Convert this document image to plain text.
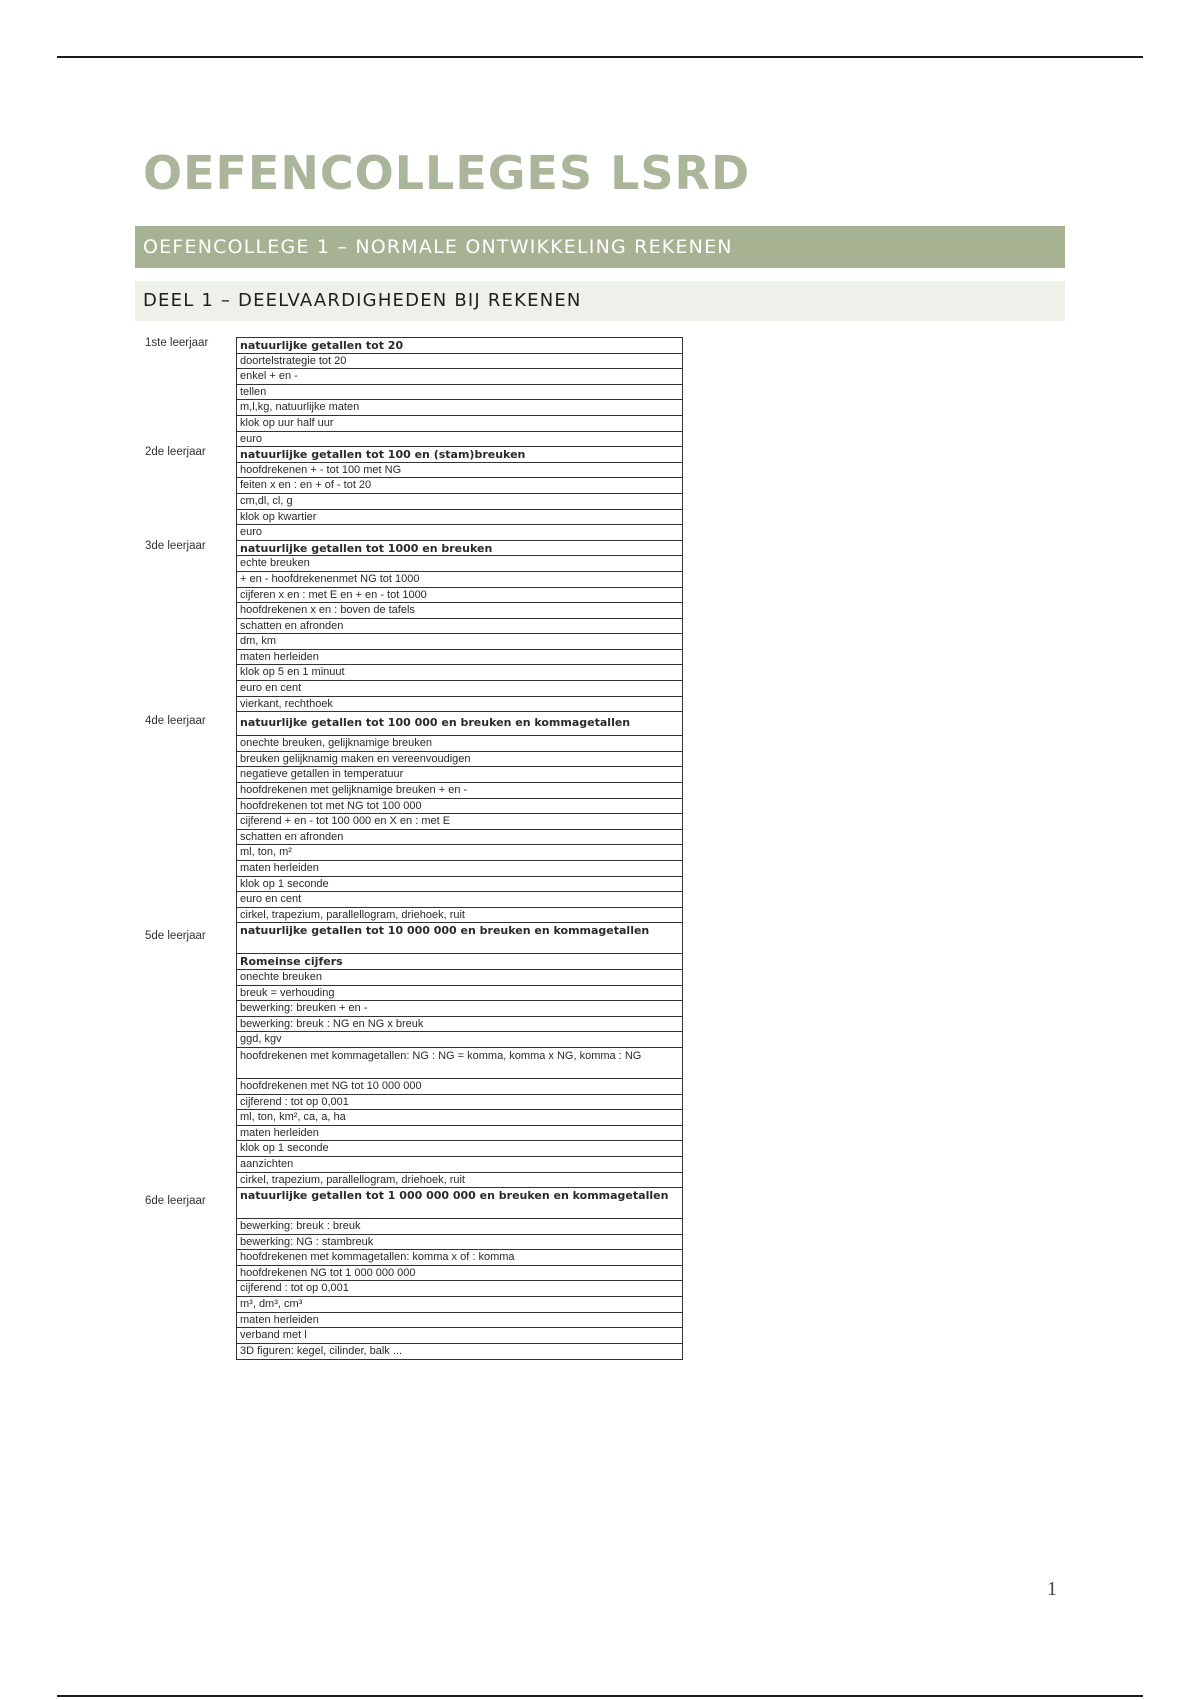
OEFENCOLLEGES LSRD
OEFENCOLLEGE 1 – NORMALE ONTWIKKELING REKENEN
DEEL 1 – DEELVAARDIGHEDEN BIJ REKENEN
1ste leerjaar
2de leerjaar
3de leerjaar
4de leerjaar
5de leerjaar
6de leerjaar
natuurlijke getallen tot 20
doortelstrategie tot 20
enkel + en -
tellen
m,l,kg, natuurlijke maten
klok op uur half uur
euro
natuurlijke getallen tot 100 en (stam)breuken
hoofdrekenen + - tot 100 met NG
feiten x en : en + of - tot 20
cm,dl, cl, g
klok op kwartier
euro
natuurlijke getallen tot 1000 en breuken
echte breuken
+ en - hoofdrekenenmet NG tot 1000
cijferen x en : met E en + en - tot 1000
hoofdrekenen x en : boven de tafels
schatten en afronden
dm, km
maten herleiden
klok op 5 en 1 minuut
euro en cent
vierkant, rechthoek
natuurlijke getallen tot 100 000 en breuken en kommagetallen
onechte breuken, gelijknamige breuken
breuken gelijknamig maken en vereenvoudigen
negatieve getallen in temperatuur
hoofdrekenen met gelijknamige breuken + en -
hoofdrekenen tot met NG tot 100 000
cijferend + en - tot 100 000 en X en : met E
schatten en afronden
ml, ton, m²
maten herleiden
klok op 1 seconde
euro en cent
cirkel, trapezium, parallellogram, driehoek, ruit
natuurlijke getallen tot 10 000 000 en breuken en kommagetallen
Romeinse cijfers
onechte breuken
breuk = verhouding
bewerking: breuken + en -
bewerking: breuk : NG en NG x breuk
ggd, kgv
hoofdrekenen met kommagetallen: NG : NG = komma, komma x NG, komma : NG
hoofdrekenen met NG tot 10 000 000
cijferend : tot op 0,001
ml, ton, km², ca, a, ha
maten herleiden
klok op 1 seconde
aanzichten
cirkel, trapezium, parallellogram, driehoek, ruit
natuurlijke getallen tot 1 000 000 000 en breuken en kommagetallen
bewerking: breuk : breuk
bewerking: NG : stambreuk
hoofdrekenen met kommagetallen: komma x of : komma
hoofdrekenen NG tot 1 000 000 000
cijferend : tot op 0,001
m³, dm³, cm³
maten herleiden
verband met l
3D figuren: kegel, cilinder, balk ...
1
